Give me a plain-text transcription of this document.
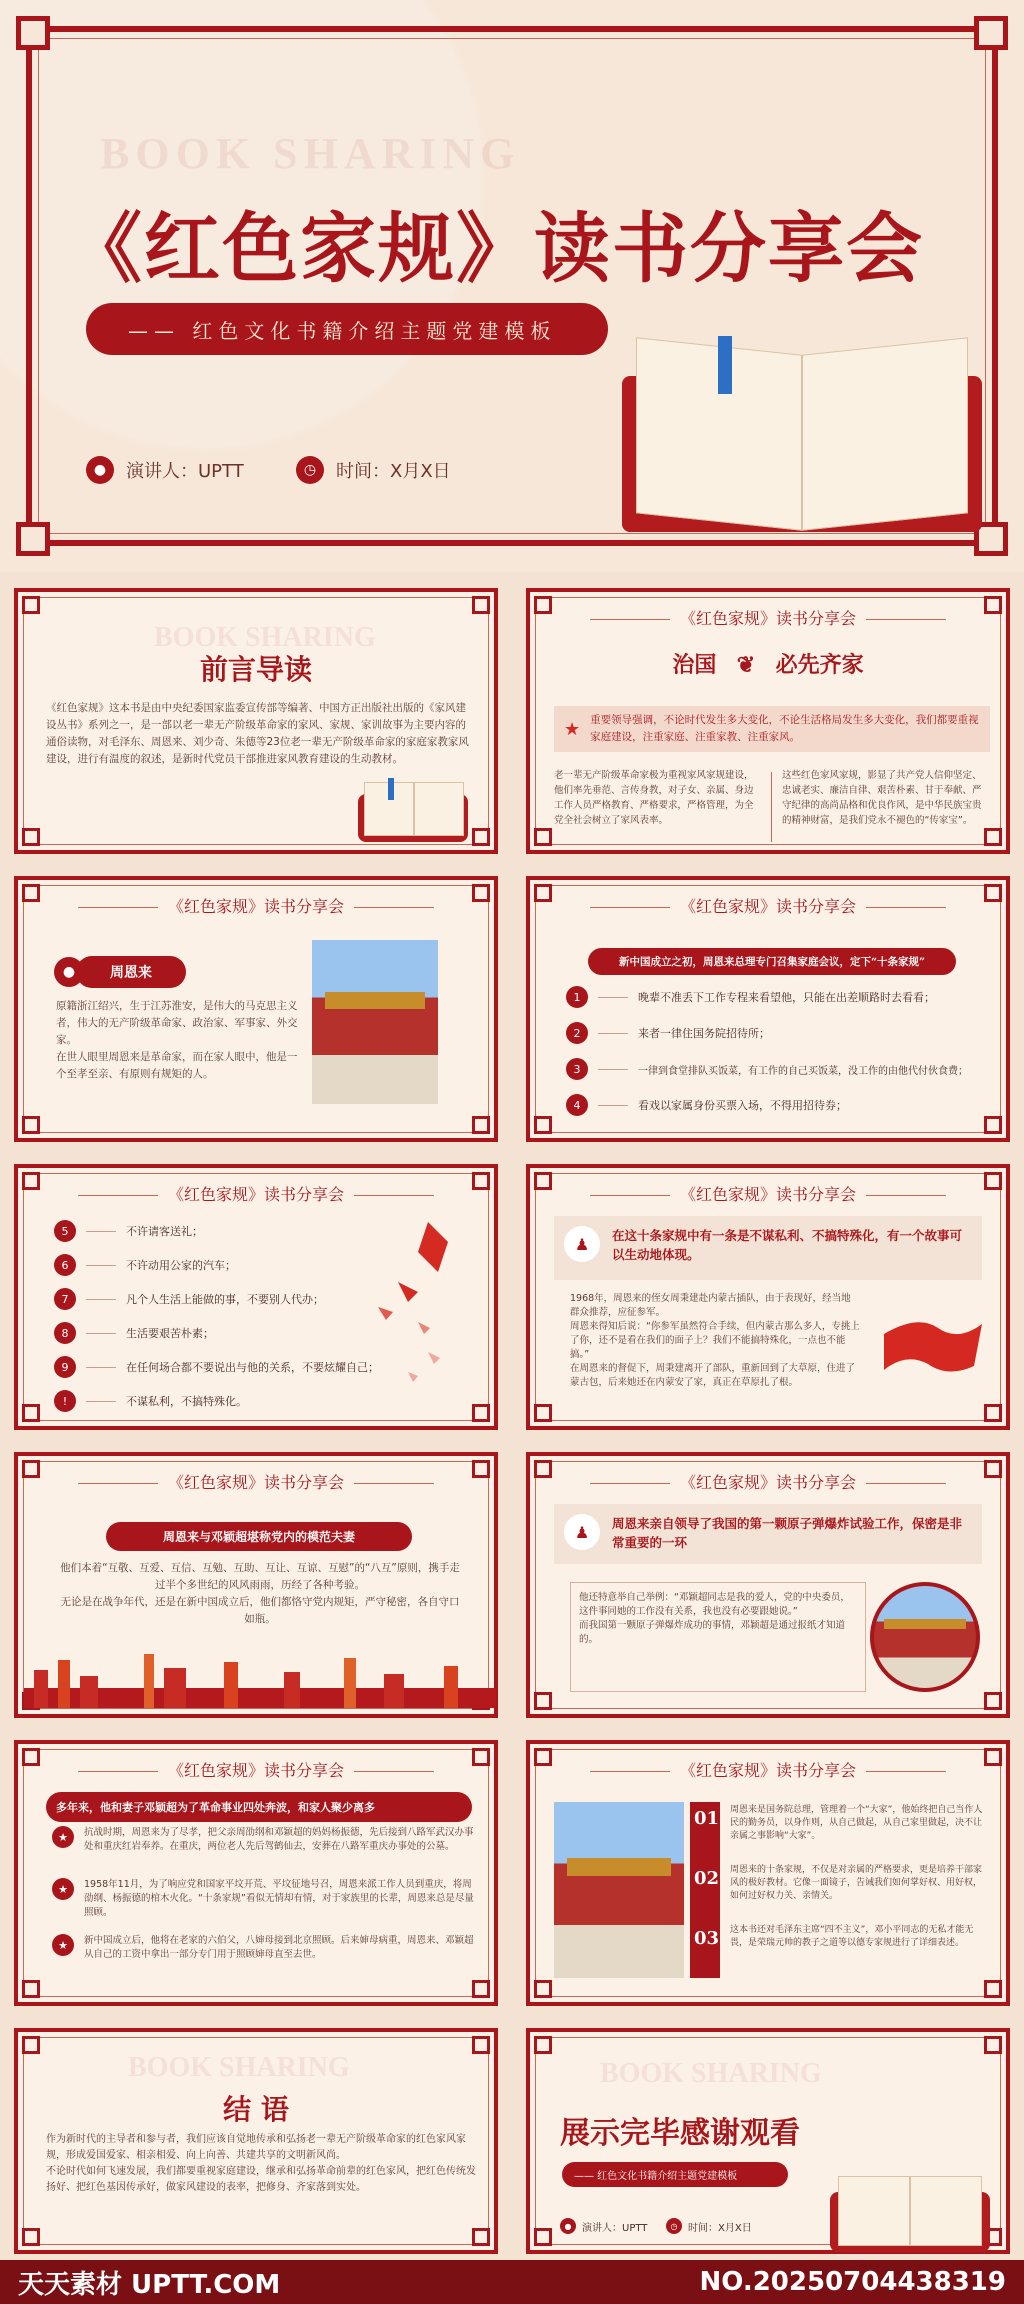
BOOK SHARING
《红色家规》读书分享会
—— 红色文化书籍介绍主题党建模板
●	演讲人：UPTT	◷	时间：X月X日
BOOK SHARING
前言导读
《红色家规》这本书是由中央纪委国家监委宣传部等编著、中国方正出版社出版的《家风建设丛书》系列之一，是一部以老一辈无产阶级革命家的家风、家规、家训故事为主要内容的通俗读物，对毛泽东、周恩来、刘少奇、朱德等23位老一辈无产阶级革命家的家庭家教家风建设，进行有温度的叙述，是新时代党员干部推进家风教育建设的生动教材。
《红色家规》读书分享会
治国 ❦ 必先齐家
★ 重要领导强调，不论时代发生多大变化，不论生活格局发生多大变化，我们都要重视家庭建设，注重家庭、注重家教、注重家风。
老一辈无产阶级革命家极为重视家风家规建设，他们率先垂范、言传身教，对子女、亲属、身边工作人员严格教育、严格要求，严格管理，为全党全社会树立了家风表率。
这些红色家风家规，影显了共产党人信仰坚定、忠诚老实、廉洁自律、艰苦朴素、甘于奉献、严守纪律的高尚品格和优良作风，是中华民族宝贵的精神财富，是我们党永不褪色的“传家宝”。
《红色家规》读书分享会
●	周恩来
原籍浙江绍兴，生于江苏淮安，是伟大的马克思主义者，伟大的无产阶级革命家、政治家、军事家、外交家。
在世人眼里周恩来是革命家，而在家人眼中，他是一个至孝至亲、有原则有规矩的人。
《红色家规》读书分享会
新中国成立之初，周恩来总理专门召集家庭会议，定下“十条家规”
1	晚辈不准丢下工作专程来看望他，只能在出差顺路时去看看；
2	来者一律住国务院招待所；
3	一律到食堂排队买饭菜，有工作的自己买饭菜，没工作的由他代付伙食费；
4	看戏以家属身份买票入场，不得用招待券；
《红色家规》读书分享会
5	不许请客送礼；
6	不许动用公家的汽车；
7	凡个人生活上能做的事，不要别人代办；
8	生活要艰苦朴素；
9	在任何场合都不要说出与他的关系，不要炫耀自己；
!	不谋私利，不搞特殊化。
《红色家规》读书分享会
♟	在这十条家规中有一条是不谋私利、不搞特殊化，有一个故事可以生动地体现。
1968年，周恩来的侄女周秉建赴内蒙古插队，由于表现好，经当地群众推荐，应征参军。
周恩来得知后说：“你参军虽然符合手续，但内蒙古那么多人，专挑上了你，还不是看在我们的面子上？我们不能搞特殊化，一点也不能搞。”
在周恩来的督促下，周秉建离开了部队，重新回到了大草原，住进了蒙古包，后来她还在内蒙安了家，真正在草原扎了根。
《红色家规》读书分享会
周恩来与邓颖超堪称党内的模范夫妻
他们本着“互敬、互爱、互信、互勉、互助、互让、互谅、互慰”的“八互”原则，携手走过半个多世纪的风风雨雨，历经了各种考验。
无论是在战争年代，还是在新中国成立后，他们都恪守党内规矩，严守秘密，各自守口如瓶。
《红色家规》读书分享会
♟	周恩来亲自领导了我国的第一颗原子弹爆炸试验工作，保密是非常重要的一环
他还特意举自己举例：“邓颖超同志是我的爱人，党的中央委员，这件事同她的工作没有关系，我也没有必要跟她说。”
而我国第一颗原子弹爆炸成功的事情，邓颖超是通过报纸才知道的。
《红色家规》读书分享会
多年来，他和妻子邓颖超为了革命事业四处奔波，和家人聚少离多
★	抗战时期，周恩来为了尽孝，把父亲周劭纲和邓颖超的妈妈杨振德，先后接到八路军武汉办事处和重庆红岩奉养。在重庆，两位老人先后驾鹤仙去，安葬在八路军重庆办事处的公墓。
★	1958年11月，为了响应党和国家平坟开荒、平坟征地号召，周恩来派工作人员到重庆，将周劭纲、杨振德的棺木火化。“十条家规”看似无情却有情，对于家族里的长辈，周恩来总是尽量照顾。
★	新中国成立后，他将在老家的六伯父，八婶母接到北京照顾。后来婶母病重，周恩来、邓颖超从自己的工资中拿出一部分专门用于照顾婶母直至去世。
《红色家规》读书分享会
01
02
03
周恩来是国务院总理，管理着一个“大家”，他始终把自己当作人民的勤务员，以身作则，从自己做起，从自己家里做起，决不让亲属之事影响“大家”。
周恩来的十条家规，不仅是对亲属的严格要求，更是培养干部家风的极好教材。它像一面镜子，告诫我们如何掌好权、用好权，如何过好权力关、亲情关。
这本书还对毛泽东主席“四不主义”，邓小平同志的无私才能无畏，是荣瑞元帅的教子之道等以德专家规进行了详细表述。
BOOK SHARING
结 语
作为新时代的主导者和参与者，我们应该自觉地传承和弘扬老一辈无产阶级革命家的红色家风家规，形成爱国爱家、相亲相爱、向上向善、共建共享的文明新风尚。
不论时代如何飞速发展，我们都要重视家庭建设，继承和弘扬革命前辈的红色家风，把红色传统发扬好、把红色基因传承好，做家风建设的表率，把修身、齐家落到实处。
BOOK SHARING
展示完毕感谢观看
—— 红色文化书籍介绍主题党建模板
●	演讲人：UPTT	◷	时间：X月X日
天天素材 UPTT.COM	NO.20250704438319
